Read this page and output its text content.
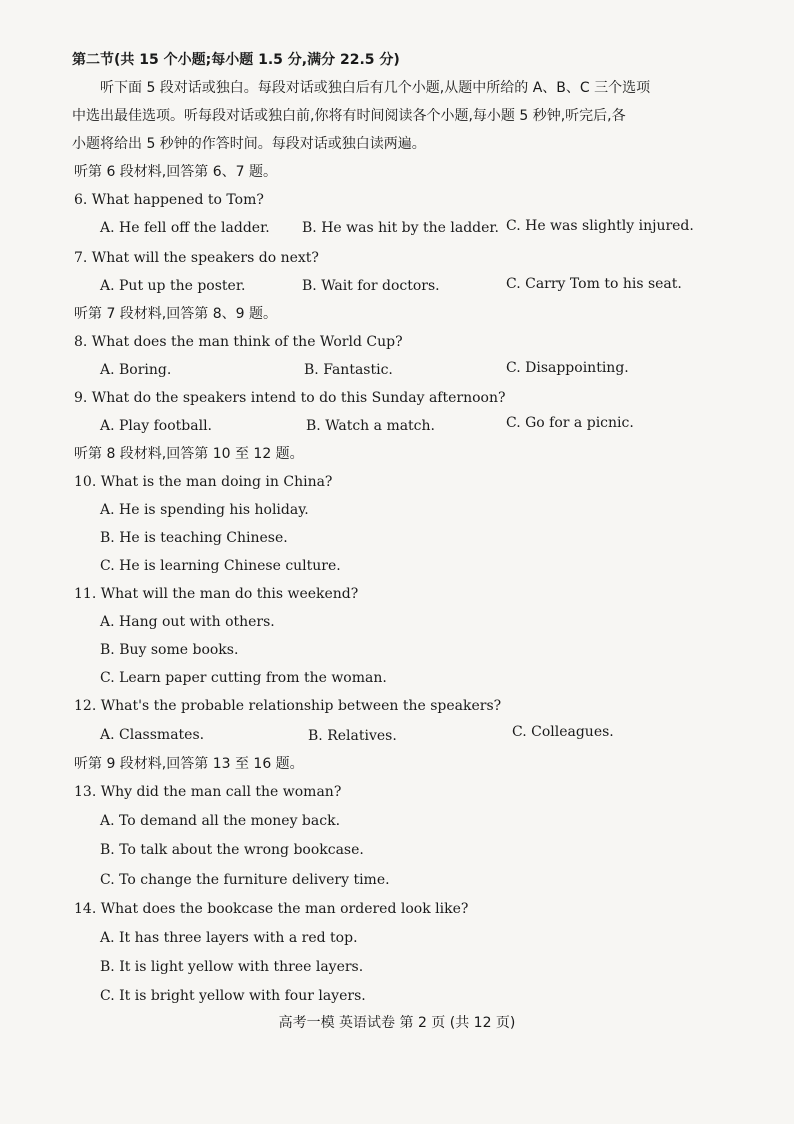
第二节(共 15 个小题;每小题 1.5 分,满分 22.5 分)
听下面 5 段对话或独白。每段对话或独白后有几个小题,从题中所给的 A、B、C 三个选项
中选出最佳选项。听每段对话或独白前,你将有时间阅读各个小题,每小题 5 秒钟,听完后,各
小题将给出 5 秒钟的作答时间。每段对话或独白读两遍。
听第 6 段材料,回答第 6、7 题。
6. What happened to Tom?
A. He fell off the ladder. B. He was hit by the ladder. C. He was slightly injured.
7. What will the speakers do next?
A. Put up the poster.	B. Wait for doctors.	C. Carry Tom to his seat.
听第 7 段材料,回答第 8、9 题。
8. What does the man think of the World Cup?
A. Boring.	B. Fantastic.	C. Disappointing.
9. What do the speakers intend to do this Sunday afternoon?
A. Play football.	B. Watch a match.	C. Go for a picnic.
听第 8 段材料,回答第 10 至 12 题。
10. What is the man doing in China?
A. He is spending his holiday.
B. He is teaching Chinese.
C. He is learning Chinese culture.
11. What will the man do this weekend?
A. Hang out with others.
B. Buy some books.
C. Learn paper cutting from the woman.
12. What's the probable relationship between the speakers?
A. Classmates.	B. Relatives.	C. Colleagues.
听第 9 段材料,回答第 13 至 16 题。
13. Why did the man call the woman?
A. To demand all the money back.
B. To talk about the wrong bookcase.
C. To change the furniture delivery time.
14. What does the bookcase the man ordered look like?
A. It has three layers with a red top.
B. It is light yellow with three layers.
C. It is bright yellow with four layers.
高考一模 英语试卷 第 2 页 (共 12 页)
